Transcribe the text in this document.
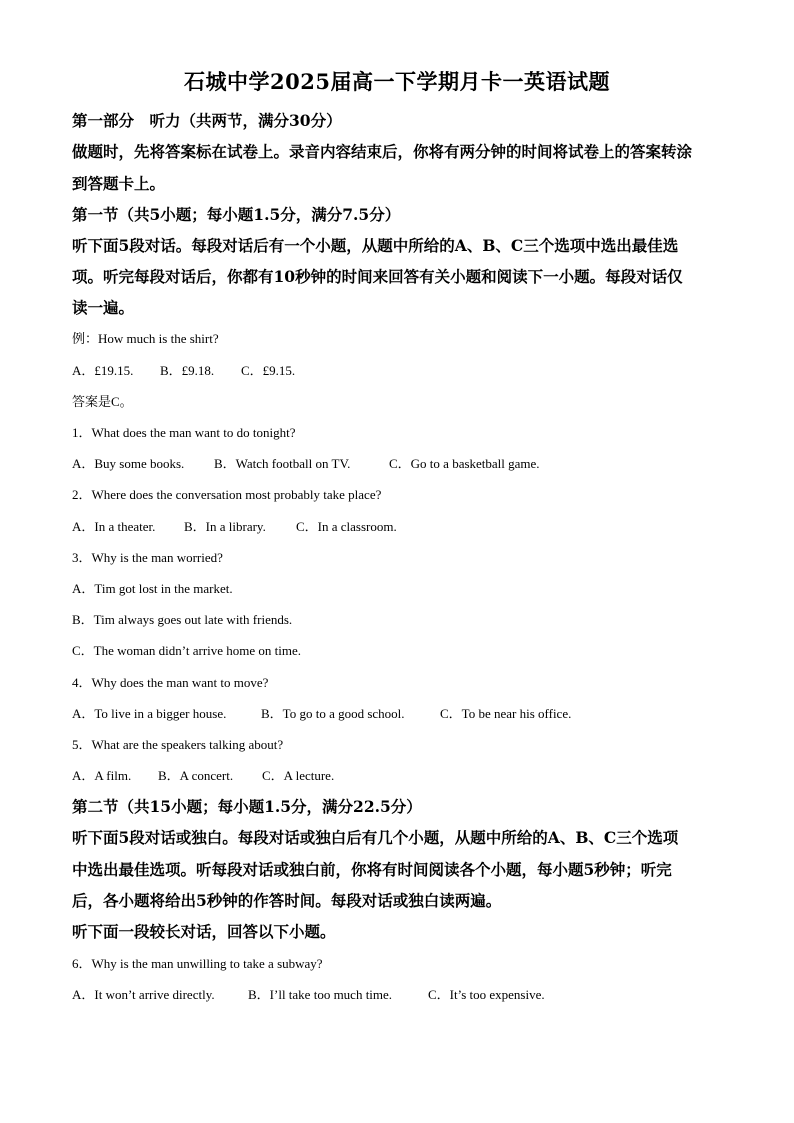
石城中学2025届高一下学期月卡一英语试题
第一部分　听力（共两节，满分30分）
做题时，先将答案标在试卷上。录音内容结束后，你将有两分钟的时间将试卷上的答案转涂
到答题卡上。
第一节（共5小题；每小题1.5分，满分7.5分）
听下面5段对话。每段对话后有一个小题，从题中所给的A、B、C三个选项中选出最佳选
项。听完每段对话后，你都有10秒钟的时间来回答有关小题和阅读下一小题。每段对话仅
读一遍。
例：How much is the shirt?
A．£19.15. B．£9.18. C．£9.15.
答案是C。
1．What does the man want to do tonight?
A．Buy some books. B．Watch football on TV.	C．Go to a basketball game.
2．Where does the conversation most probably take place?
A．In a theater. B．In a library. C．In a classroom.
3．Why is the man worried?
A．Tim got lost in the market.
B．Tim always goes out late with friends.
C．The woman didn’t arrive home on time.
4．Why does the man want to move?
A．To live in a bigger house.	B．To go to a good school.	C．To be near his office.
5．What are the speakers talking about?
A．A film. B．A concert. C．A lecture.
第二节（共15小题；每小题1.5分，满分22.5分）
听下面5段对话或独白。每段对话或独白后有几个小题，从题中所给的A、B、C三个选项
中选出最佳选项。听每段对话或独白前，你将有时间阅读各个小题，每小题5秒钟；听完
后，各小题将给出5秒钟的作答时间。每段对话或独白读两遍。
听下面一段较长对话，回答以下小题。
6．Why is the man unwilling to take a subway?
A．It won’t arrive directly.	B．I’ll take too much time.	C．It’s too expensive.
